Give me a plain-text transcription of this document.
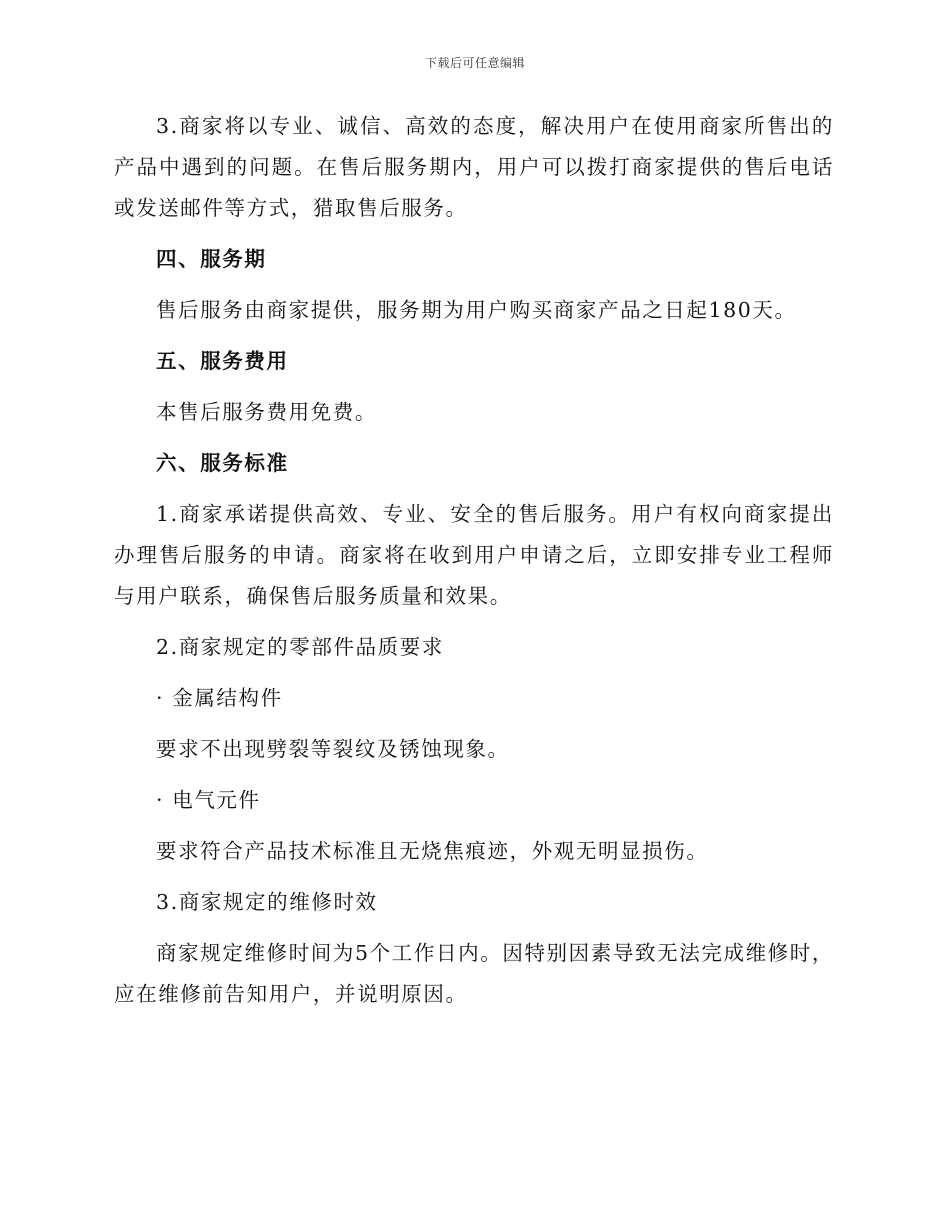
下载后可任意编辑

3.商家将以专业、诚信、高效的态度，解决用户在使用商家所售出的产品中遇到的问题。在售后服务期内，用户可以拨打商家提供的售后电话或发送邮件等方式，猎取售后服务。

四、服务期

售后服务由商家提供，服务期为用户购买商家产品之日起180天。

五、服务费用

本售后服务费用免费。

六、服务标准

1.商家承诺提供高效、专业、安全的售后服务。用户有权向商家提出办理售后服务的申请。商家将在收到用户申请之后，立即安排专业工程师与用户联系，确保售后服务质量和效果。

2.商家规定的零部件品质要求

· 金属结构件

要求不出现劈裂等裂纹及锈蚀现象。

· 电气元件

要求符合产品技术标准且无烧焦痕迹，外观无明显损伤。

3.商家规定的维修时效

商家规定维修时间为5个工作日内。因特别因素导致无法完成维修时，应在维修前告知用户，并说明原因。
